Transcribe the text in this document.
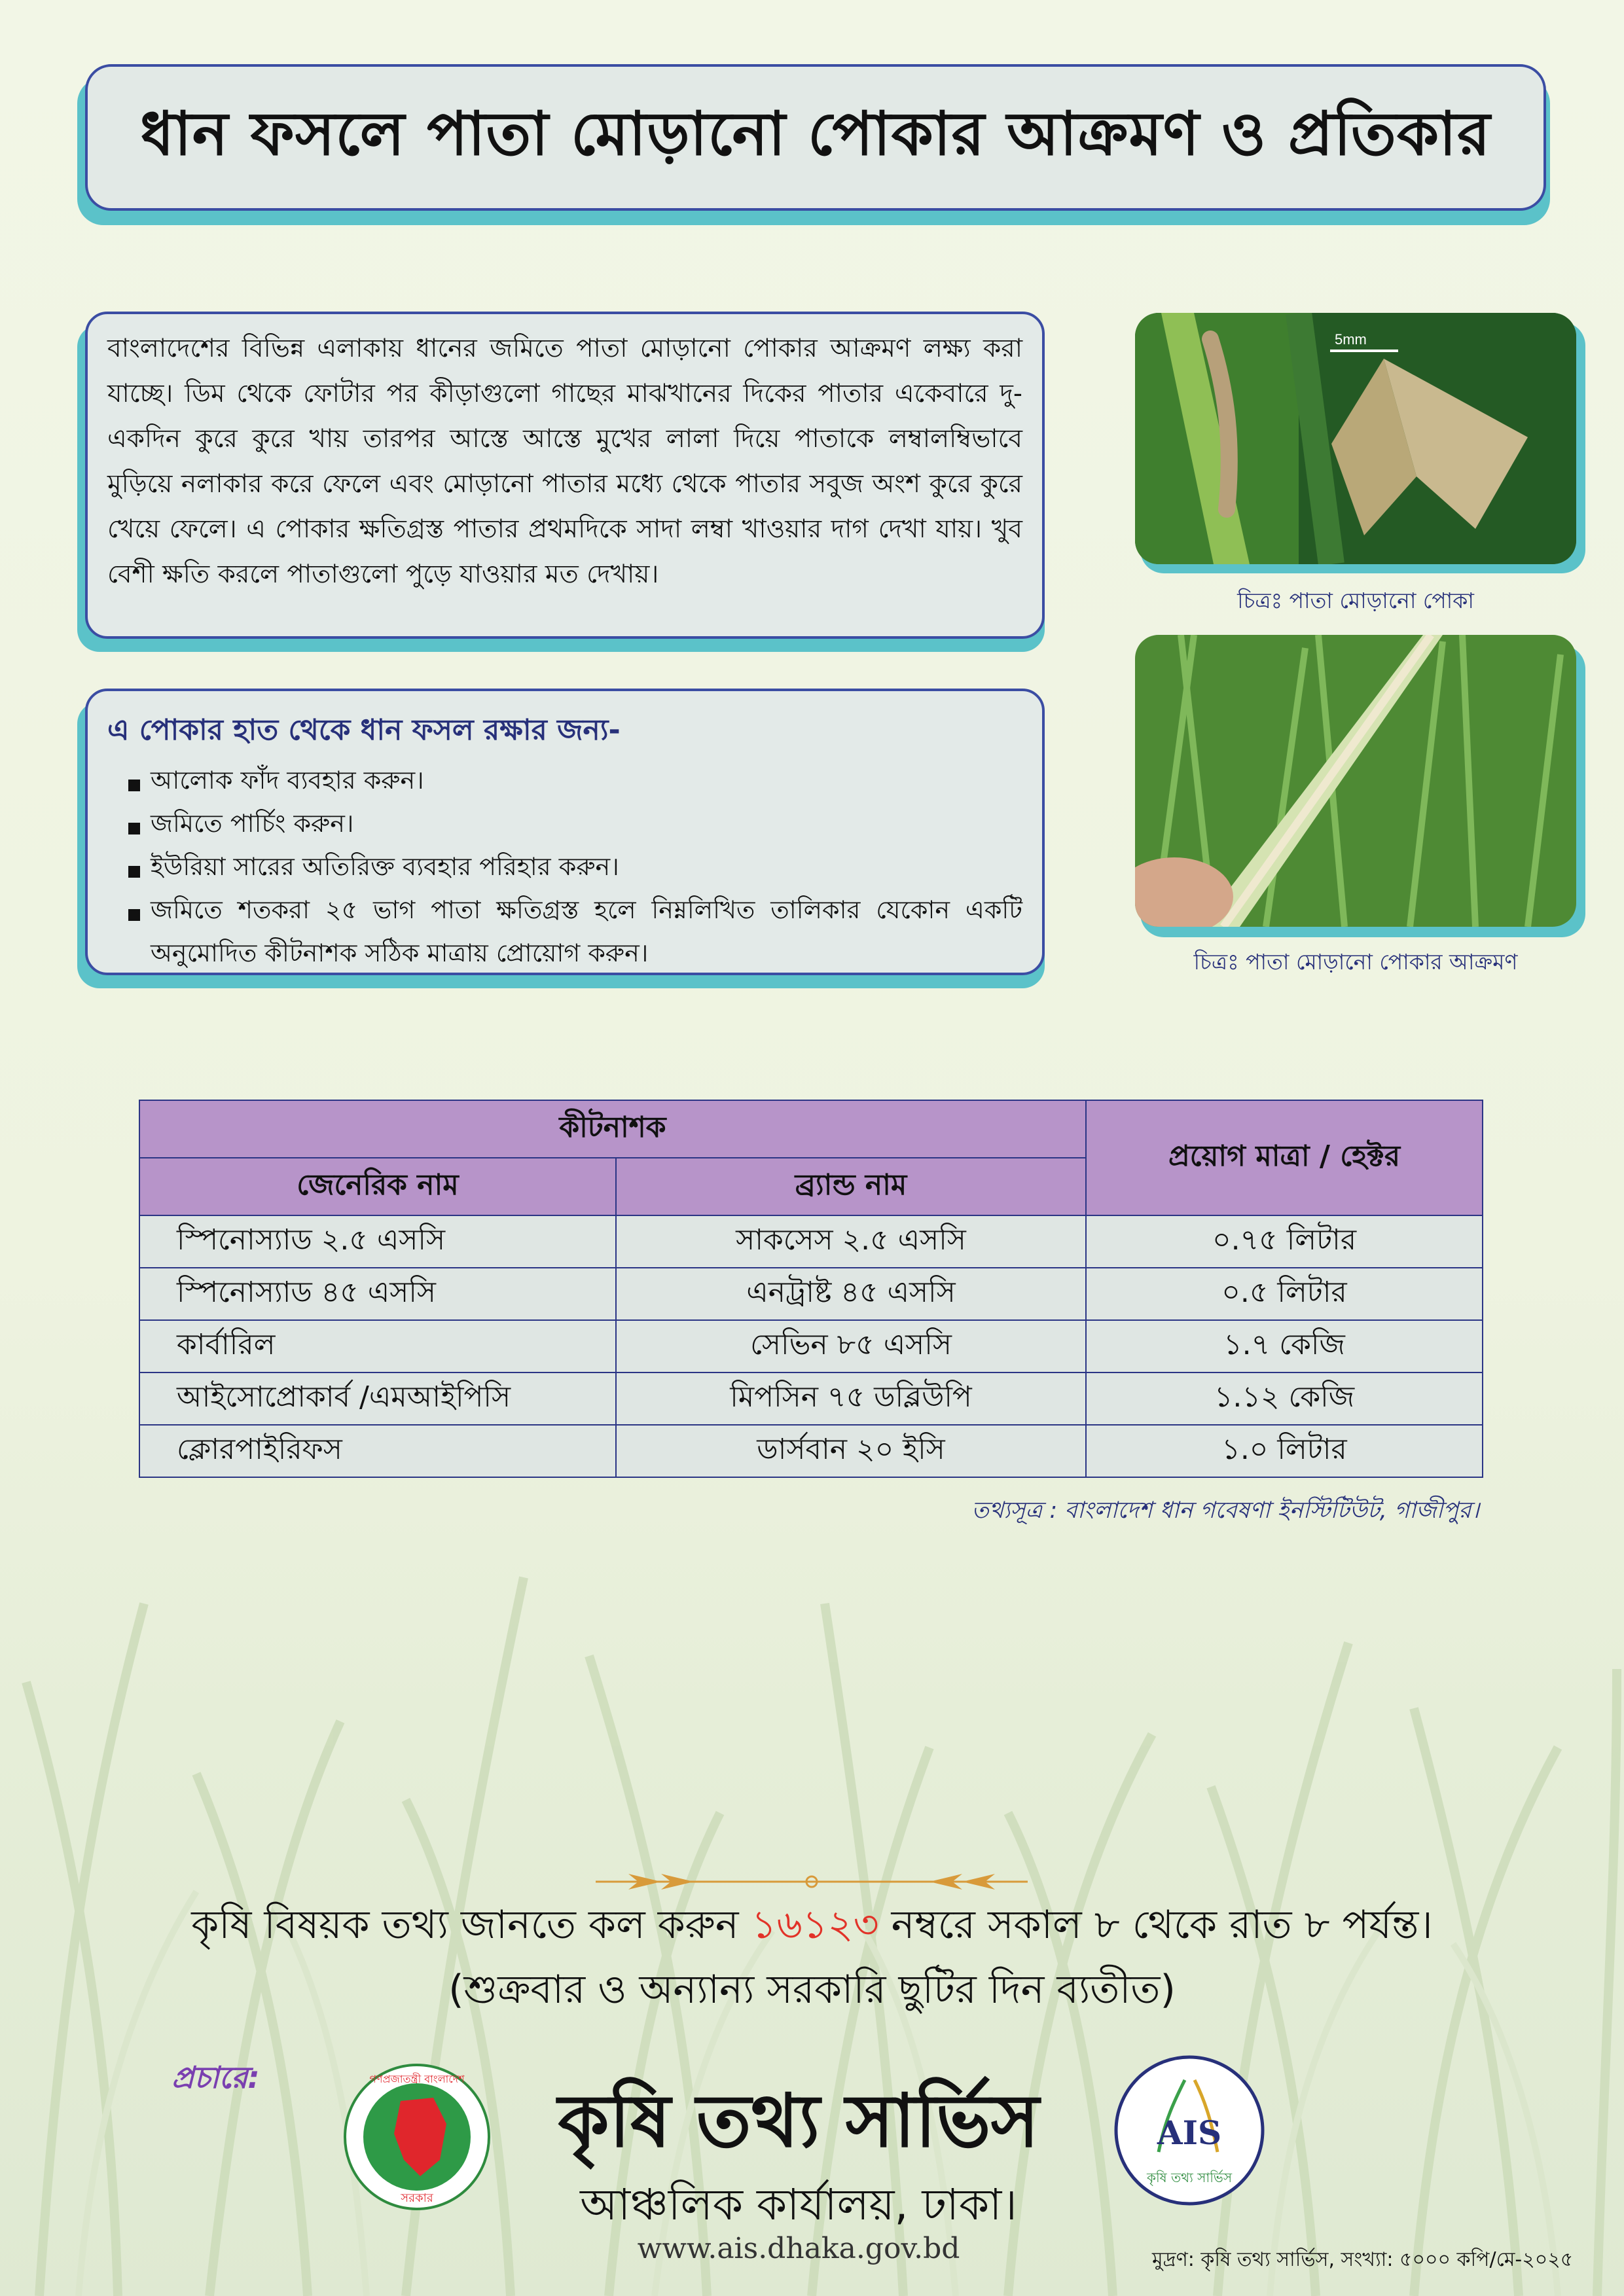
ধান ফসলে পাতা মোড়ানো পোকার আক্রমণ ও প্রতিকার

বাংলাদেশের বিভিন্ন এলাকায় ধানের জমিতে পাতা মোড়ানো পোকার আক্রমণ লক্ষ্য করা যাচ্ছে। ডিম থেকে ফোটার পর কীড়াগুলো গাছের মাঝখানের দিকের পাতার একেবারে দু-একদিন কুরে কুরে খায় তারপর আস্তে আস্তে মুখের লালা দিয়ে পাতাকে লম্বালম্বিভাবে মুড়িয়ে নলাকার করে ফেলে এবং মোড়ানো পাতার মধ্যে থেকে পাতার সবুজ অংশ কুরে কুরে খেয়ে ফেলে। এ পোকার ক্ষতিগ্রস্ত পাতার প্রথমদিকে সাদা লম্বা খাওয়ার দাগ দেখা যায়। খুব বেশী ক্ষতি করলে পাতাগুলো পুড়ে যাওয়ার মত দেখায়।

এ পোকার হাত থেকে ধান ফসল রক্ষার জন্য-
আলোক ফাঁদ ব্যবহার করুন।
জমিতে পার্চিং করুন।
ইউরিয়া সারের অতিরিক্ত ব্যবহার পরিহার করুন।
জমিতে শতকরা ২৫ ভাগ পাতা ক্ষতিগ্রস্ত হলে নিম্নলিখিত তালিকার যেকোন একটি অনুমোদিত কীটনাশক সঠিক মাত্রায় প্রোয়োগ করুন।
5mm
চিত্রঃ পাতা মোড়ানো পোকা
চিত্রঃ পাতা মোড়ানো পোকার আক্রমণ
কীটনাশক		প্রয়োগ মাত্রা / হেক্টর
জেনেরিক নাম	ব্র্যান্ড নাম	
স্পিনোস্যাড ২.৫ এসসি	সাকসেস ২.৫ এসসি	০.৭৫ লিটার
স্পিনোস্যাড ৪৫ এসসি	এনট্রাষ্ট ৪৫ এসসি	০.৫ লিটার
কার্বারিল	সেভিন ৮৫ এসসি	১.৭ কেজি
আইসোপ্রোকার্ব /এমআইপিসি	মিপসিন ৭৫ ডব্লিউপি	১.১২ কেজি
ক্লোরপাইরিফস	ডার্সবান ২০ ইসি	১.০ লিটার
তথ্যসূত্র : বাংলাদেশ ধান গবেষণা ইনস্টিটিউট, গাজীপুর।
কৃষি বিষয়ক তথ্য জানতে কল করুন ১৬১২৩ নম্বরে সকাল ৮ থেকে রাত ৮ পর্যন্ত।
(শুক্রবার ও অন্যান্য সরকারি ছুটির দিন ব্যতীত)
প্রচারে:	গণপ্রজাতন্ত্রী বাংলাদেশ
সরকার
কৃষি তথ্য সার্ভিস
আঞ্চলিক কার্যালয়, ঢাকা।
www.ais.dhaka.gov.bd
AIS
কৃষি তথ্য সার্ভিস
মুদ্রণ: কৃষি তথ্য সার্ভিস, সংখ্যা: ৫০০০ কপি/মে-২০২৫
